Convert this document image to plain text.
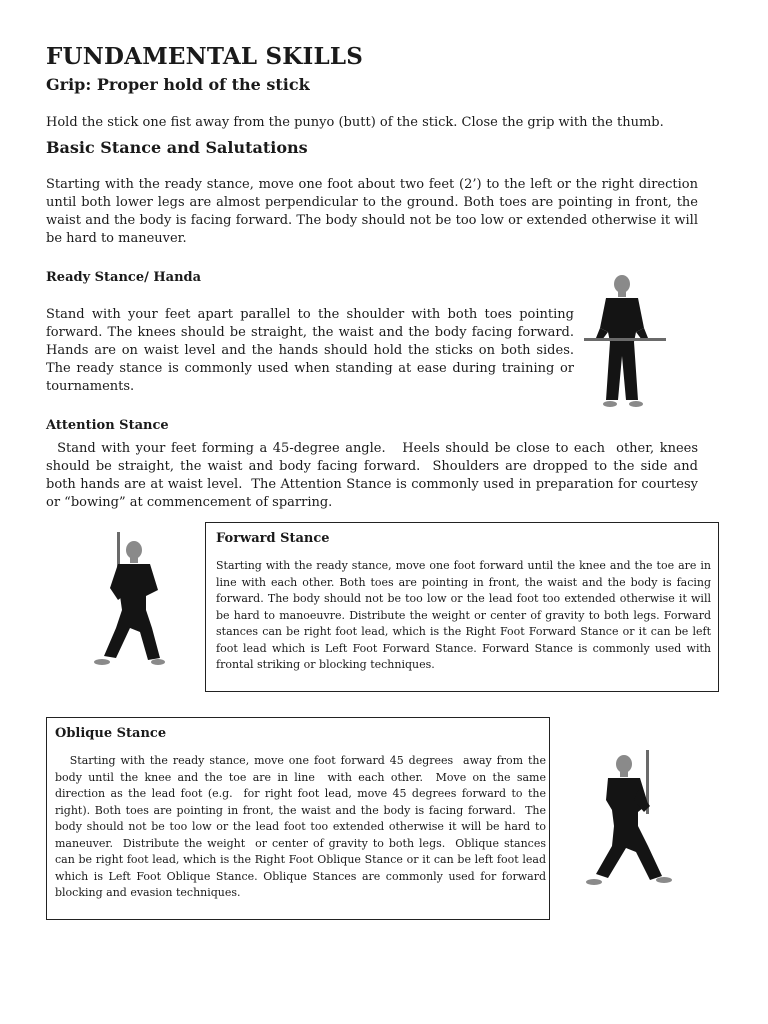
FUNDAMENTAL SKILLS
Grip: Proper hold of the stick

Hold the stick one fist away from the punyo (butt) of the stick. Close the grip with the thumb.

Basic Stance and Salutations

Starting with the ready stance, move one foot about two feet (2’) to the left or the right direction until both lower legs are almost perpendicular to the ground. Both toes are pointing in front, the waist and the body is facing forward. The body should not be too low or extended otherwise it will be hard to maneuver.

Ready Stance/ Handa

Stand with your feet apart parallel to the shoulder with both toes pointing forward. The knees should be straight, the waist and the body facing forward. Hands are on waist level and the hands should hold the sticks on both sides. The ready stance is commonly used when standing at ease during training or tournaments.

Attention Stance

Stand with your feet forming a 45-degree angle.   Heels should be close to each  other, knees should be straight, the waist and body facing forward.  Shoulders are dropped to the side and both hands are at waist level.  The Attention Stance is commonly used in preparation for courtesy or “bowing” at commencement of sparring.

Forward Stance

Starting with the ready stance, move one foot forward until the knee and the toe are in line with each other. Both toes are pointing in front, the waist and the body is facing forward. The body should not be too low or the lead foot too extended otherwise it will be hard to manoeuvre. Distribute the weight or center of gravity to both legs. Forward stances can be right foot lead, which is the Right Foot Forward Stance or it can be left foot lead which is Left Foot Forward Stance. Forward Stance is commonly used with frontal striking or blocking techniques.

Oblique Stance

Starting with the ready stance, move one foot forward 45 degrees  away from the body until the knee and the toe are in line  with each other.  Move on the same direction as the lead foot (e.g.  for right foot lead, move 45 degrees forward to the right). Both toes are pointing in front, the waist and the body is facing forward.  The body should not be too low or the lead foot too extended otherwise it will be hard to          maneuver.  Distribute the weight  or center of gravity to both legs.  Oblique stances can be right foot lead, which is the Right Foot Oblique Stance or it can be left foot lead which is Left Foot Oblique Stance. Oblique Stances are commonly used for forward blocking and evasion techniques.
